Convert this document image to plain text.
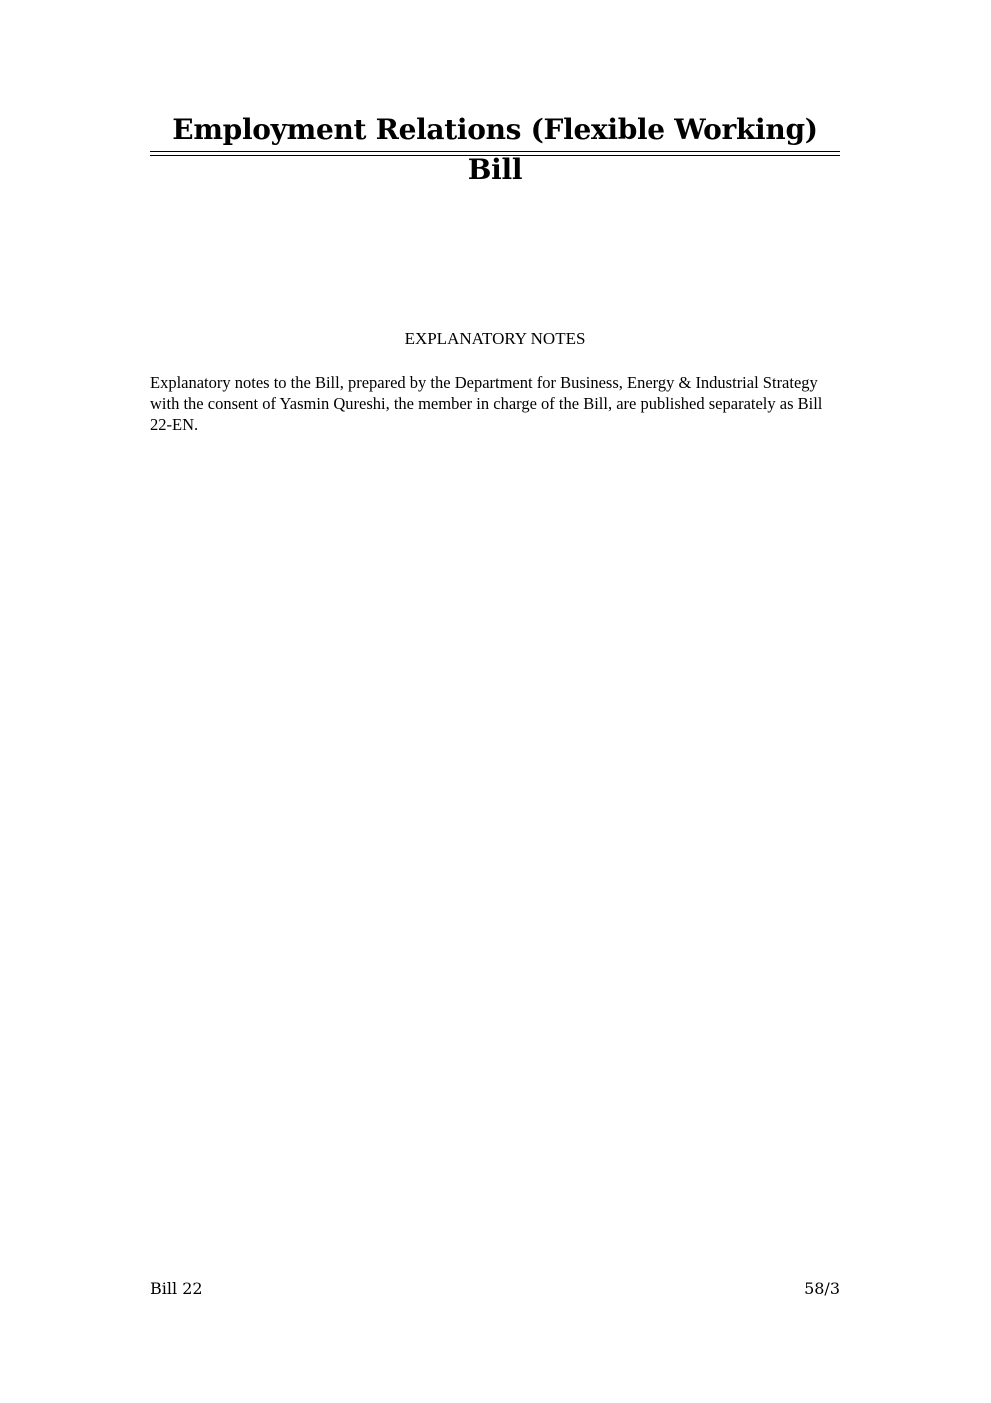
Employment Relations (Flexible Working) Bill
EXPLANATORY NOTES

Explanatory notes to the Bill, prepared by the Department for Business, Energy & Industrial Strategy with the consent of Yasmin Qureshi, the member in charge of the Bill, are published separately as Bill 22-EN.

Bill 22	58/3
